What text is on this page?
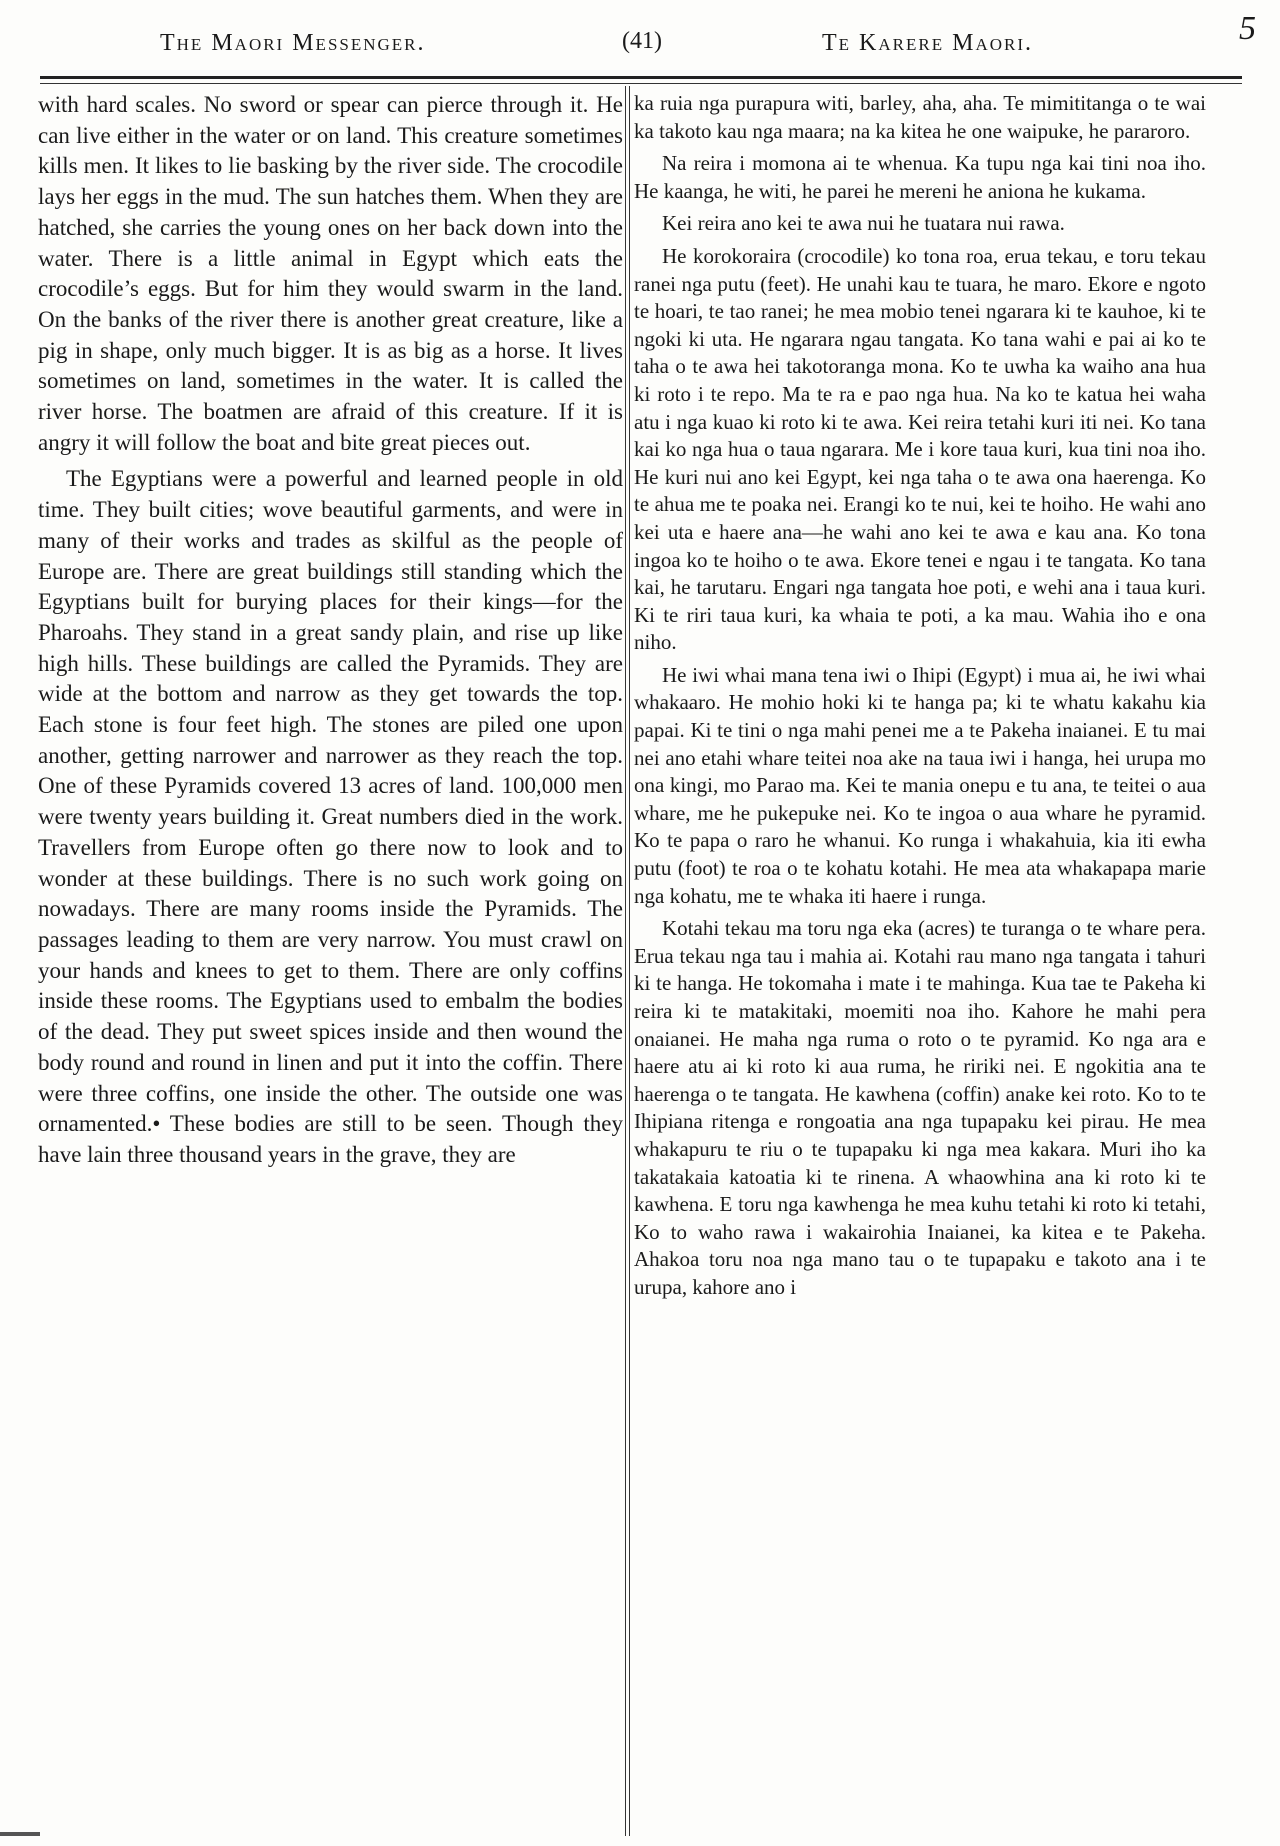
The Maori Messenger.	(41)	Te Karere Maori.	5

with hard scales. No sword or spear can pierce through it. He can live either in the water or on land. This creature sometimes kills men. It likes to lie basking by the river side. The crocodile lays her eggs in the mud. The sun hatches them. When they are hatched, she carries the young ones on her back down into the water. There is a little animal in Egypt which eats the crocodile’s eggs. But for him they would swarm in the land. On the banks of the river there is another great creature, like a pig in shape, only much bigger. It is as big as a horse. It lives sometimes on land, sometimes in the water. It is called the river horse. The boatmen are afraid of this creature. If it is angry it will follow the boat and bite great pieces out.

The Egyptians were a powerful and learned people in old time. They built cities; wove beautiful garments, and were in many of their works and trades as skilful as the people of Europe are. There are great buildings still standing which the Egyptians built for burying places for their kings—for the Pharoahs. They stand in a great sandy plain, and rise up like high hills. These buildings are called the Pyramids. They are wide at the bottom and narrow as they get towards the top. Each stone is four feet high. The stones are piled one upon another, getting narrower and narrower as they reach the top. One of these Pyramids covered 13 acres of land. 100,000 men were twenty years building it. Great numbers died in the work. Travellers from Europe often go there now to look and to wonder at these buildings. There is no such work going on nowadays. There are many rooms inside the Pyramids. The passages leading to them are very narrow. You must crawl on your hands and knees to get to them. There are only coffins inside these rooms. The Egyptians used to embalm the bodies of the dead. They put sweet spices inside and then wound the body round and round in linen and put it into the coffin. There were three coffins, one inside the other. The outside one was ornamented.• These bodies are still to be seen. Though they have lain three thousand years in the grave, they are

ka ruia nga purapura witi, barley, aha, aha. Te mimititanga o te wai ka takoto kau nga maara; na ka kitea he one waipuke, he pararoro.

Na reira i momona ai te whenua. Ka tupu nga kai tini noa iho. He kaanga, he witi, he parei he mereni he aniona he kukama.

Kei reira ano kei te awa nui he tuatara nui rawa.

He korokoraira (crocodile) ko tona roa, erua tekau, e toru tekau ranei nga putu (feet). He unahi kau te tuara, he maro. Ekore e ngoto te hoari, te tao ranei; he mea mobio tenei ngarara ki te kauhoe, ki te ngoki ki uta. He ngarara ngau tangata. Ko tana wahi e pai ai ko te taha o te awa hei takotoranga mona. Ko te uwha ka waiho ana hua ki roto i te repo. Ma te ra e pao nga hua. Na ko te katua hei waha atu i nga kuao ki roto ki te awa. Kei reira tetahi kuri iti nei. Ko tana kai ko nga hua o taua ngarara. Me i kore taua kuri, kua tini noa iho. He kuri nui ano kei Egypt, kei nga taha o te awa ona haerenga. Ko te ahua me te poaka nei. Erangi ko te nui, kei te hoiho. He wahi ano kei uta e haere ana—he wahi ano kei te awa e kau ana. Ko tona ingoa ko te hoiho o te awa. Ekore tenei e ngau i te tangata. Ko tana kai, he tarutaru. Engari nga tangata hoe poti, e wehi ana i taua kuri. Ki te riri taua kuri, ka whaia te poti, a ka mau. Wahia iho e ona niho.

He iwi whai mana tena iwi o Ihipi (Egypt) i mua ai, he iwi whai whakaaro. He mohio hoki ki te hanga pa; ki te whatu kakahu kia papai. Ki te tini o nga mahi penei me a te Pakeha inaianei. E tu mai nei ano etahi whare teitei noa ake na taua iwi i hanga, hei urupa mo ona kingi, mo Parao ma. Kei te mania onepu e tu ana, te teitei o aua whare, me he pukepuke nei. Ko te ingoa o aua whare he pyramid. Ko te papa o raro he whanui. Ko runga i whakahuia, kia iti ewha putu (foot) te roa o te kohatu kotahi. He mea ata whakapapa marie nga kohatu, me te whaka iti haere i runga.

Kotahi tekau ma toru nga eka (acres) te turanga o te whare pera. Erua tekau nga tau i mahia ai. Kotahi rau mano nga tangata i tahuri ki te hanga. He tokomaha i mate i te mahinga. Kua tae te Pakeha ki reira ki te matakitaki, moemiti noa iho. Kahore he mahi pera onaianei. He maha nga ruma o roto o te pyramid. Ko nga ara e haere atu ai ki roto ki aua ruma, he ririki nei. E ngokitia ana te haerenga o te tangata. He kawhena (coffin) anake kei roto. Ko to te Ihipiana ritenga e rongoatia ana nga tupapaku kei pirau. He mea whakapuru te riu o te tupapaku ki nga mea kakara. Muri iho ka takatakaia katoatia ki te rinena. A whaowhina ana ki roto ki te kawhena. E toru nga kawhenga he mea kuhu tetahi ki roto ki tetahi, Ko to waho rawa i wakairohia Inaianei, ka kitea e te Pakeha. Ahakoa toru noa nga mano tau o te tupapaku e takoto ana i te urupa, kahore ano i
